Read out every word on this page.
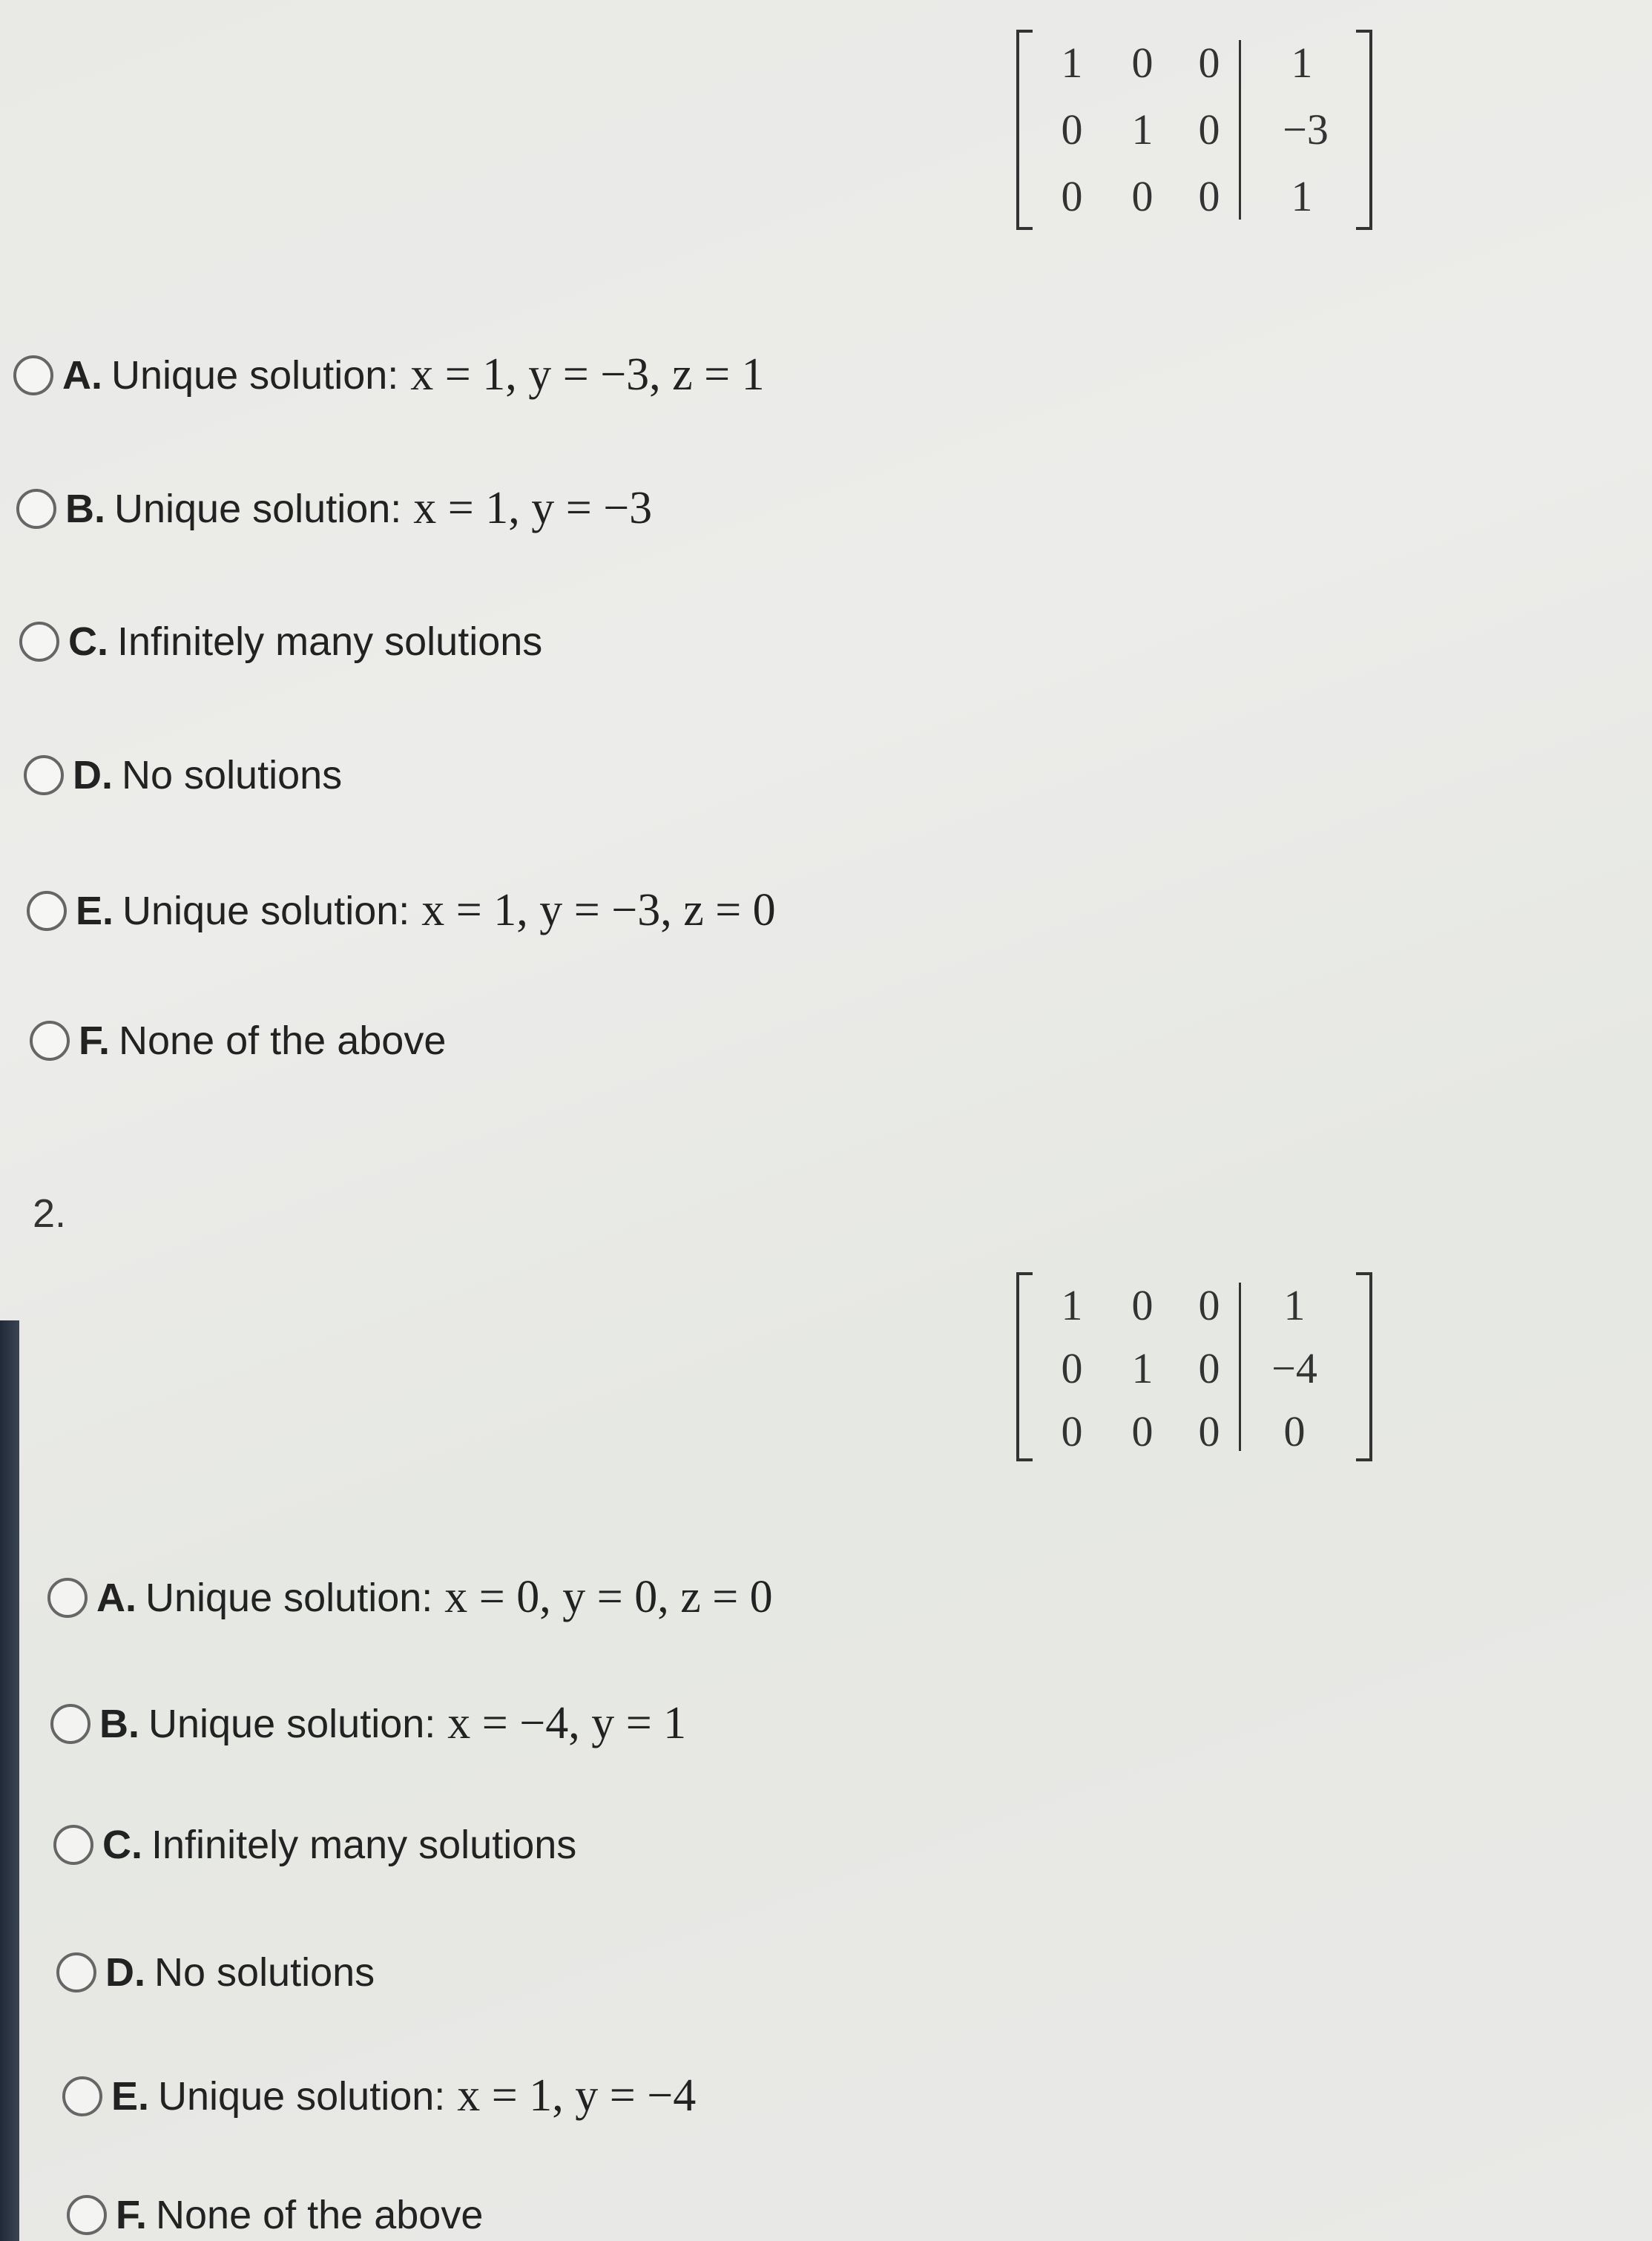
1	0	0	1
0	1	0	−3
0	0	0	1
A. Unique solution: x = 1, y = −3, z = 1
B. Unique solution: x = 1, y = −3
C. Infinitely many solutions
D. No solutions
E. Unique solution: x = 1, y = −3, z = 0
F. None of the above
2.
1	0	0	1
0	1	0	−4
0	0	0	0
A. Unique solution: x = 0, y = 0, z = 0
B. Unique solution: x = −4, y = 1
C. Infinitely many solutions
D. No solutions
E. Unique solution: x = 1, y = −4
F. None of the above
